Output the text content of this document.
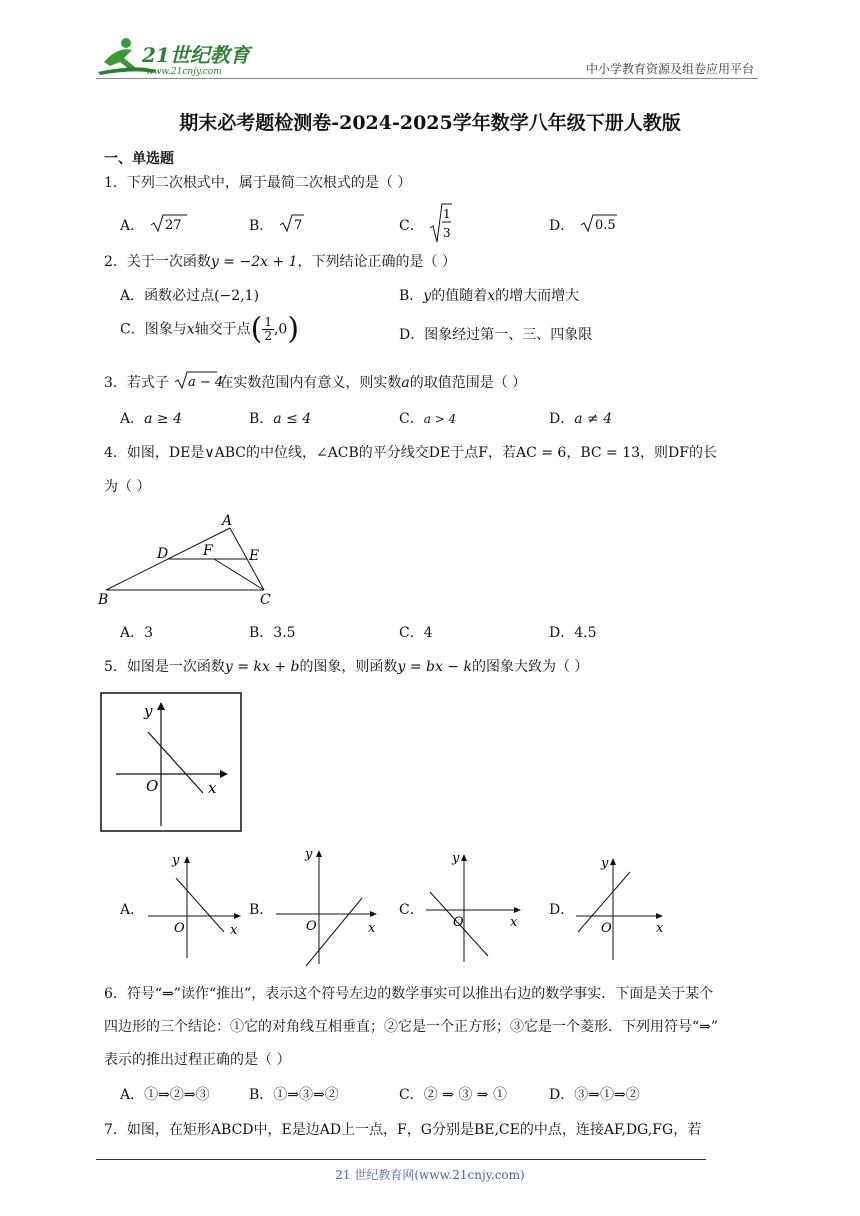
21世纪教育
www.21cnjy.com	中小学教育资源及组卷应用平台
期末必考题检测卷-2024-2025学年数学八年级下册人教版
一、单选题
1．下列二次根式中，属于最简二次根式的是（ ）
A． 27	B． 7	C．
1
3	D． 0.5
2．关于一次函数y = −2x + 1，下列结论正确的是（ ）
A．函数必过点(−2,1)	B．y的值随着x的增大而增大
C．图象与x轴交于点( $\frac{1}{2} ,0$)	D．图象经过第一、三、四象限
3．若式子 a − 4
在实数范围内有意义，则实数a的取值范围是（ ）
A．a ≥ 4	B．a ≤ 4	C．a > 4	D．a ≠ 4
4．如图，DE是∨ABC的中位线，∠ACB的平分线交DE于点F，若AC = 6，BC = 13，则DF的长
为（ ）
A
B	C
D	E
F
A．3	B．3.5	C．4	D．4.5
5．如图是一次函数y = kx + b的图象，则函数y = bx − k的图象大致为（ ）
y
x
O
A．
y
x
O
B．
y
x
O
C．
y
x
O
D．
y
x
O
6．符号“⇒”读作“推出”，表示这个符号左边的数学事实可以推出右边的数学事实．下面是关于某个
四边形的三个结论：①它的对角线互相垂直；②它是一个正方形；③它是一个菱形．下列用符号“⇒”
表示的推出过程正确的是（ ）
A．①⇒②⇒③	B．①⇒③⇒②	C．② ⇒ ③ ⇒ ①	D．③⇒①⇒②
7．如图，在矩形ABCD中，E是边AD上一点，F，G分别是BE,CE的中点，连接AF,DG,FG，若
21 世纪教育网(www.21cnjy.com)
